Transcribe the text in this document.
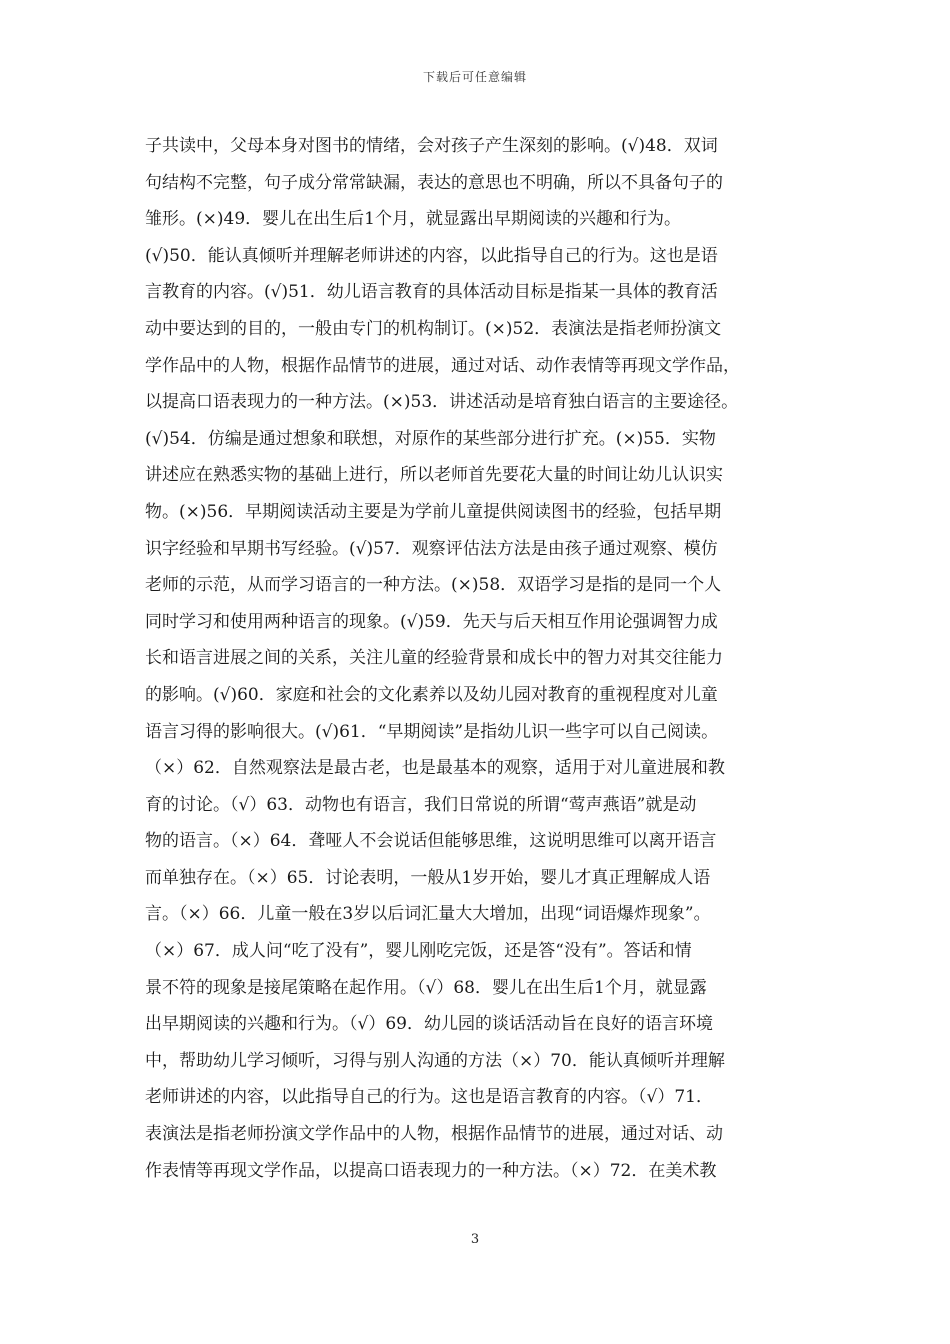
下载后可任意编辑
子共读中，父母本身对图书的情绪，会对孩子产生深刻的影响。(√)48．双词
句结构不完整，句子成分常常缺漏，表达的意思也不明确，所以不具备句子的
雏形。(×)49．婴儿在出生后1个月，就显露出早期阅读的兴趣和行为。
(√)50．能认真倾听并理解老师讲述的内容，以此指导自己的行为。这也是语
言教育的内容。(√)51．幼儿语言教育的具体活动目标是指某一具体的教育活
动中要达到的目的，一般由专门的机构制订。(×)52．表演法是指老师扮演文
学作品中的人物，根据作品情节的进展，通过对话、动作表情等再现文学作品，
以提高口语表现力的一种方法。(×)53．讲述活动是培育独白语言的主要途径。
(√)54．仿编是通过想象和联想，对原作的某些部分进行扩充。(×)55．实物
讲述应在熟悉实物的基础上进行，所以老师首先要花大量的时间让幼儿认识实
物。(×)56．早期阅读活动主要是为学前儿童提供阅读图书的经验，包括早期
识字经验和早期书写经验。(√)57．观察评估法方法是由孩子通过观察、模仿
老师的示范，从而学习语言的一种方法。(×)58．双语学习是指的是同一个人
同时学习和使用两种语言的现象。(√)59．先天与后天相互作用论强调智力成
长和语言进展之间的关系，关注儿童的经验背景和成长中的智力对其交往能力
的影响。(√)60．家庭和社会的文化素养以及幼儿园对教育的重视程度对儿童
语言习得的影响很大。(√)61．“早期阅读”是指幼儿识一些字可以自己阅读。
（×）62．自然观察法是最古老，也是最基本的观察，适用于对儿童进展和教
育的讨论。（√）63．动物也有语言，我们日常说的所谓“莺声燕语”就是动
物的语言。（×）64．聋哑人不会说话但能够思维，这说明思维可以离开语言
而单独存在。（×）65．讨论表明，一般从1岁开始，婴儿才真正理解成人语
言。（×）66．儿童一般在3岁以后词汇量大大增加，出现“词语爆炸现象”。
（×）67．成人问“吃了没有”，婴儿刚吃完饭，还是答“没有”。答话和情
景不符的现象是接尾策略在起作用。（√）68．婴儿在出生后1个月，就显露
出早期阅读的兴趣和行为。（√）69．幼儿园的谈话活动旨在良好的语言环境
中，帮助幼儿学习倾听，习得与别人沟通的方法（×）70．能认真倾听并理解
老师讲述的内容，以此指导自己的行为。这也是语言教育的内容。（√）71．
表演法是指老师扮演文学作品中的人物，根据作品情节的进展，通过对话、动
作表情等再现文学作品，以提高口语表现力的一种方法。（×）72．在美术教
3
